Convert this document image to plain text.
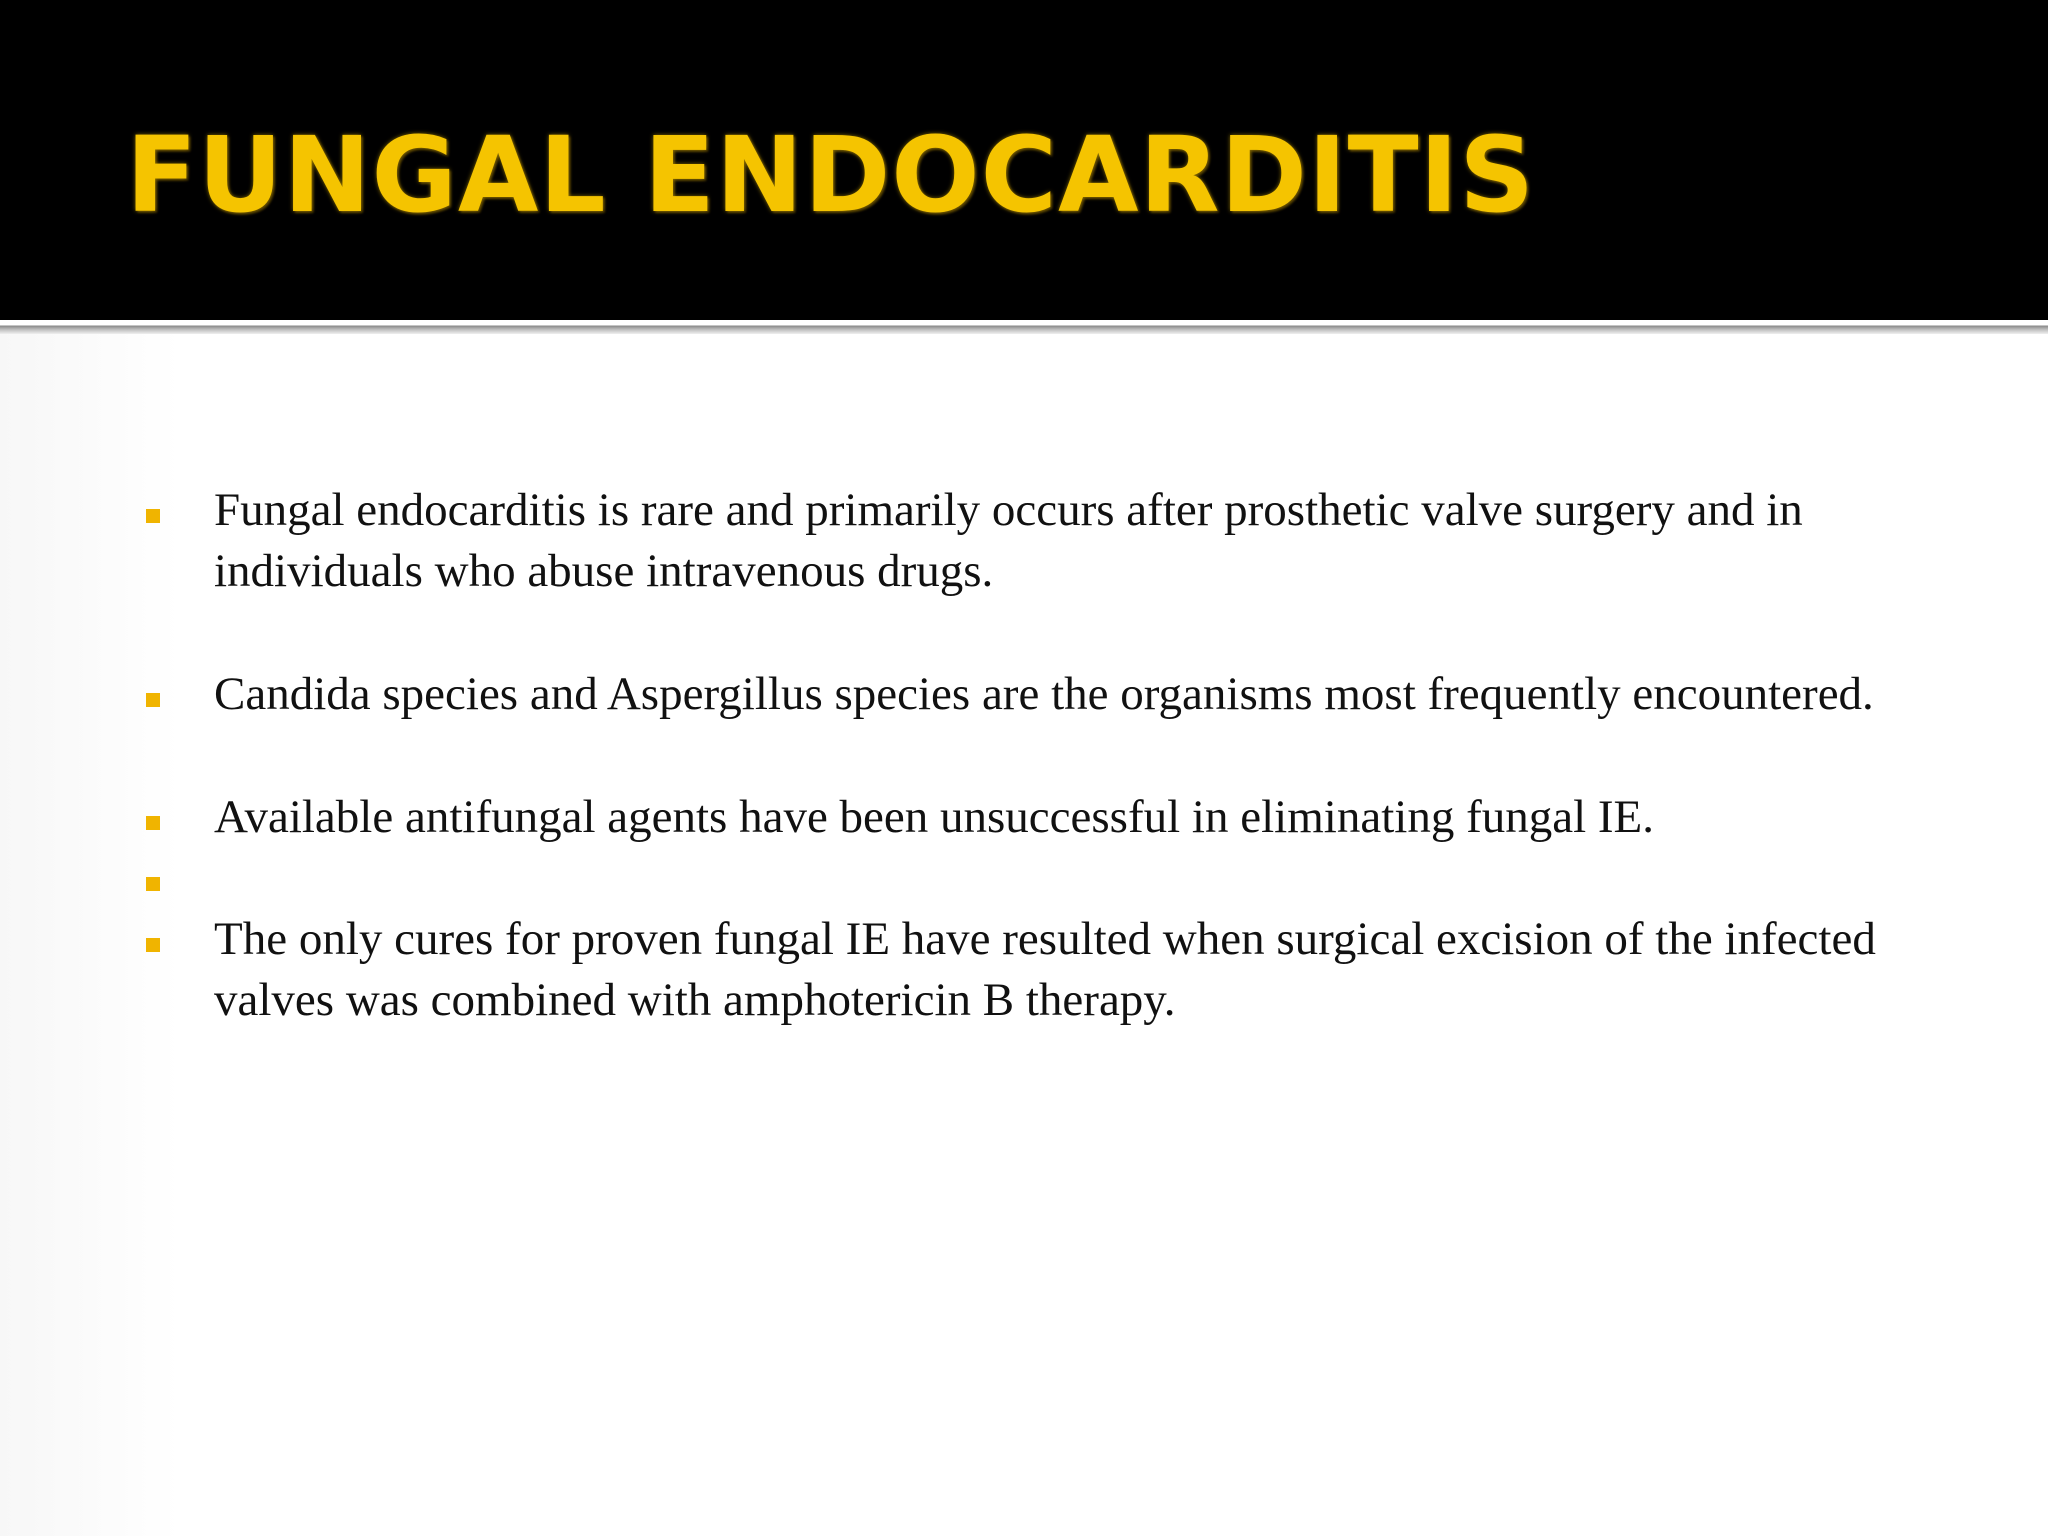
FUNGAL ENDOCARDITIS
Fungal endocarditis is rare and primarily occurs after prosthetic valve surgery and in individuals who abuse intravenous drugs.
Candida species and Aspergillus species are the organisms most frequently encountered.
Available antifungal agents have been unsuccessful in eliminating fungal IE.
The only cures for proven fungal IE have resulted when surgical excision of the infected valves was combined with amphotericin B therapy.
